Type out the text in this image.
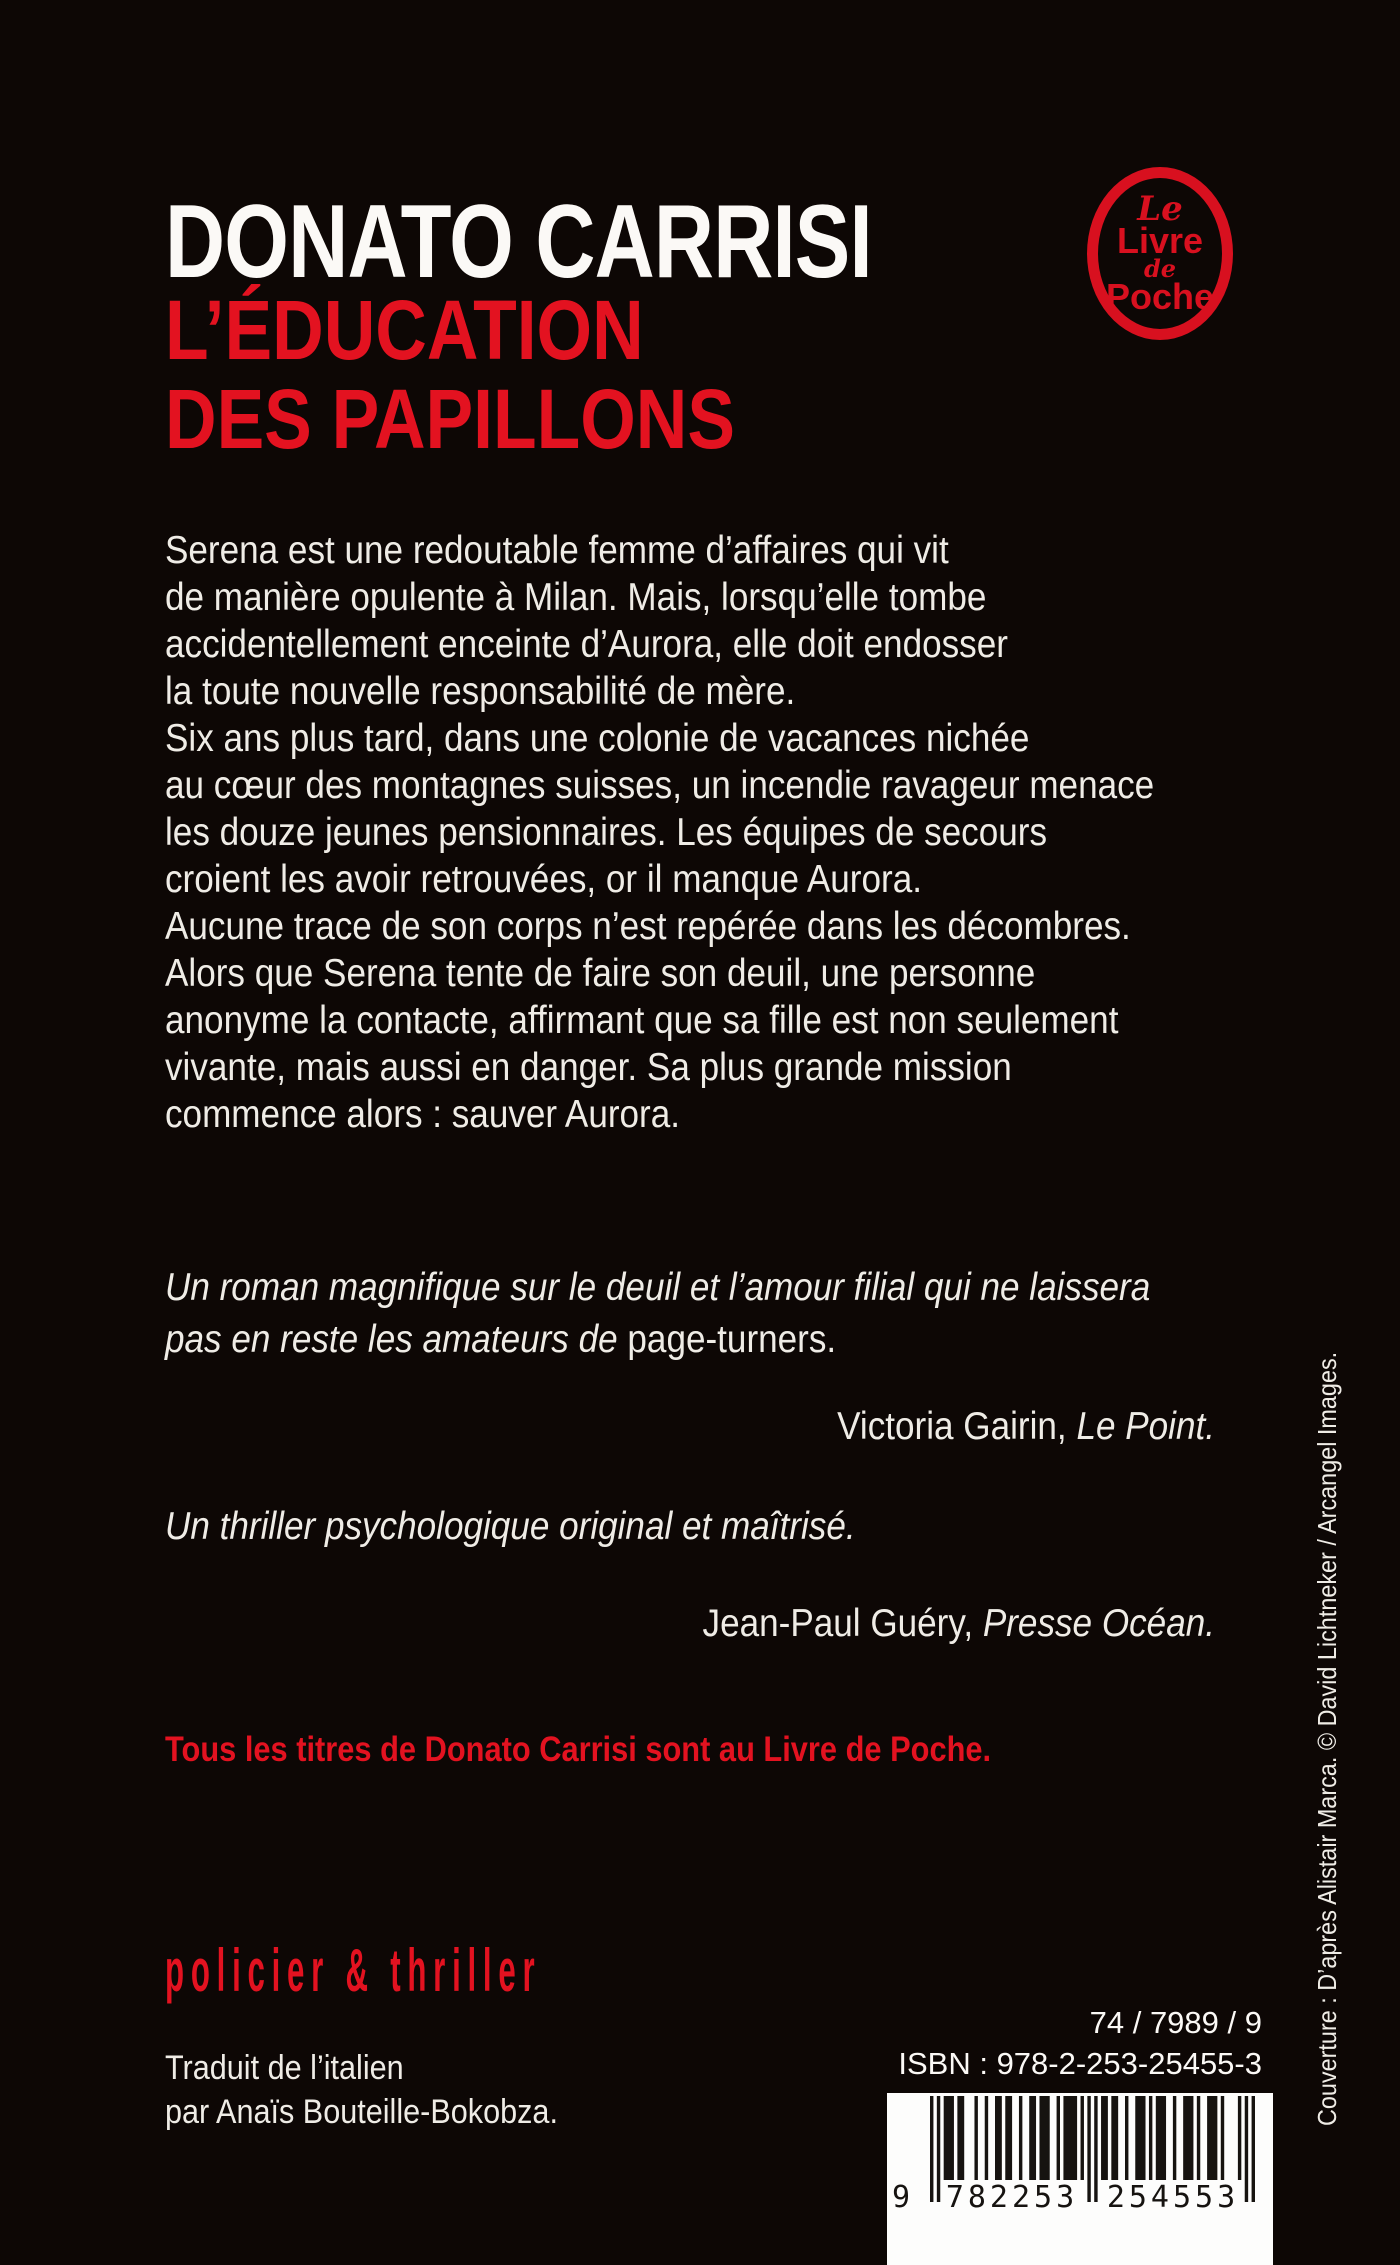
DONATO CARRISI
L’ÉDUCATION
DES PAPILLONS
Le
Livre
de
Poche
Serena est une redoutable femme d’affaires qui vit
de manière opulente à Milan. Mais, lorsqu’elle tombe
accidentellement enceinte d’Aurora, elle doit endosser
la toute nouvelle responsabilité de mère.
Six ans plus tard, dans une colonie de vacances nichée
au cœur des montagnes suisses, un incendie ravageur menace
les douze jeunes pensionnaires. Les équipes de secours
croient les avoir retrouvées, or il manque Aurora.
Aucune trace de son corps n’est repérée dans les décombres.
Alors que Serena tente de faire son deuil, une personne
anonyme la contacte, affirmant que sa fille est non seulement
vivante, mais aussi en danger. Sa plus grande mission
commence alors : sauver Aurora.
Un roman magnifique sur le deuil et l’amour filial qui ne laissera
pas en reste les amateurs de page-turners.
Victoria Gairin, Le Point.
Un thriller psychologique original et maîtrisé.
Jean-Paul Guéry, Presse Océan.
Tous les titres de Donato Carrisi sont au Livre de Poche.
policier & thriller
Traduit de l’italien
par Anaïs Bouteille-Bokobza.
74 / 7989 / 9
ISBN : 978-2-253-25455-3
9 782253 254553
Couverture : D’après Alistair Marca. © David Lichtneker / Arcangel Images.
